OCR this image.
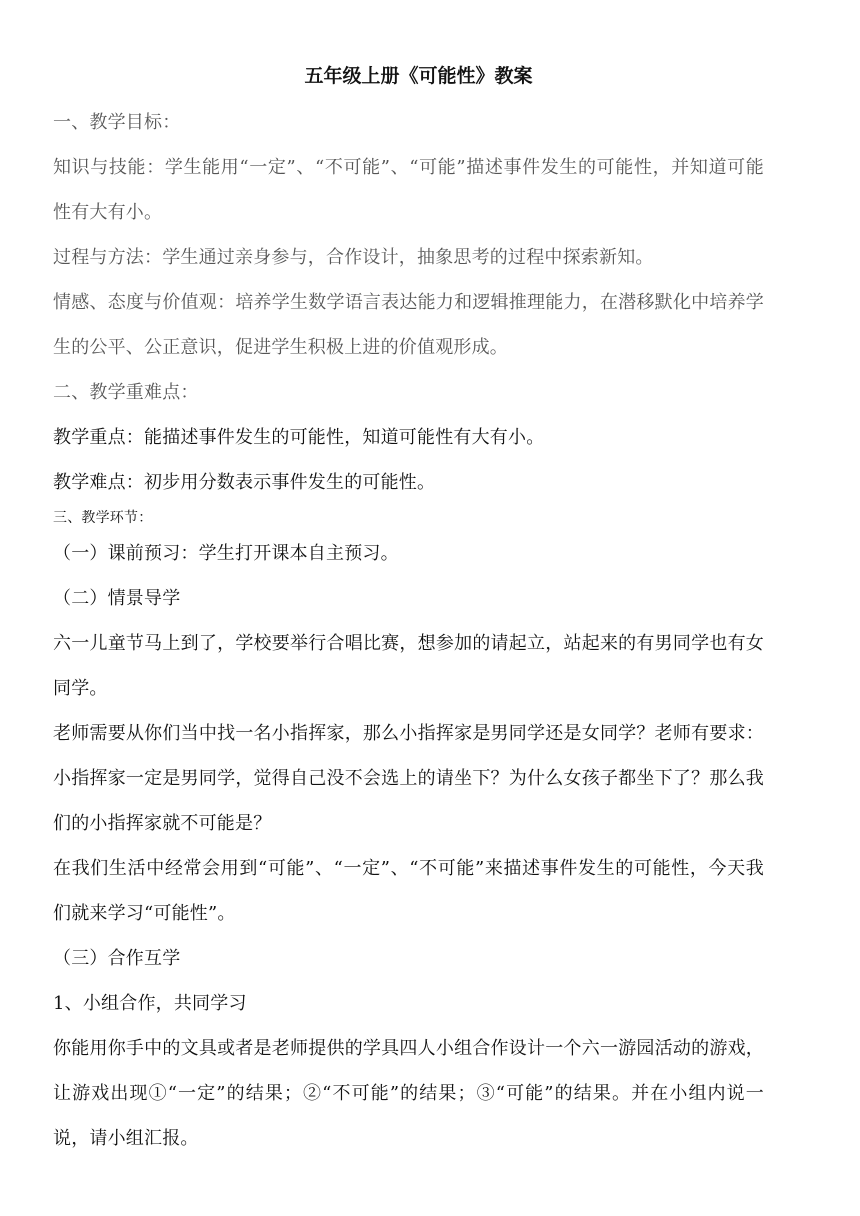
五年级上册《可能性》教案

一、教学目标：

知识与技能：学生能用“一定”、“不可能”、“可能”描述事件发生的可能性，并知道可能性有大有小。

过程与方法：学生通过亲身参与，合作设计，抽象思考的过程中探索新知。

情感、态度与价值观：培养学生数学语言表达能力和逻辑推理能力，在潜移默化中培养学生的公平、公正意识，促进学生积极上进的价值观形成。

二、教学重难点：

教学重点：能描述事件发生的可能性，知道可能性有大有小。

教学难点：初步用分数表示事件发生的可能性。

三、教学环节：

（一）课前预习：学生打开课本自主预习。

（二）情景导学

六一儿童节马上到了，学校要举行合唱比赛，想参加的请起立，站起来的有男同学也有女同学。

老师需要从你们当中找一名小指挥家，那么小指挥家是男同学还是女同学？老师有要求：小指挥家一定是男同学，觉得自己没不会选上的请坐下？为什么女孩子都坐下了？那么我们的小指挥家就不可能是？

在我们生活中经常会用到“可能”、“一定”、“不可能”来描述事件发生的可能性，今天我们就来学习“可能性”。

（三）合作互学

1、小组合作，共同学习

你能用你手中的文具或者是老师提供的学具四人小组合作设计一个六一游园活动的游戏，让游戏出现①“一定”的结果；②“不可能”的结果；③“可能”的结果。并在小组内说一说，请小组汇报。
